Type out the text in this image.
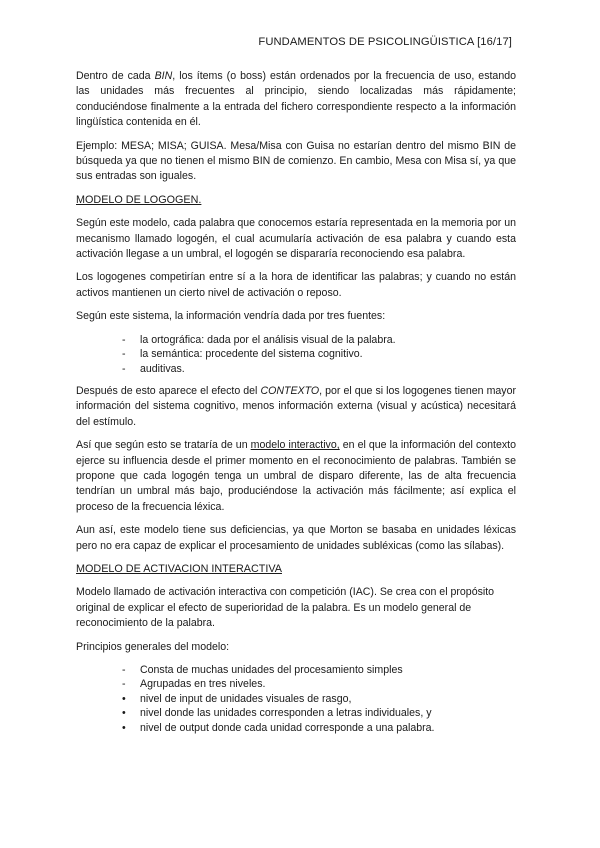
FUNDAMENTOS DE PSICOLINGÜISTICA [16/17]

Dentro de cada BIN, los ítems (o boss) están ordenados por la frecuencia de uso, estando las unidades más frecuentes al principio, siendo localizadas más rápidamente; conduciéndose finalmente a la entrada del fichero correspondiente respecto a la información lingüística contenida en él.

Ejemplo: MESA; MISA; GUISA. Mesa/Misa con Guisa no estarían dentro del mismo BIN de búsqueda ya que no tienen el mismo BIN de comienzo. En cambio, Mesa con Misa sí, ya que sus entradas son iguales.

MODELO DE LOGOGEN.

Según este modelo, cada palabra que conocemos estaría representada en la memoria por un mecanismo llamado logogén, el cual acumularía activación de esa palabra y cuando esta activación llegase a un umbral, el logogén se dispararía reconociendo esa palabra.

Los logogenes competirían entre sí a la hora de identificar las palabras; y cuando no están activos mantienen un cierto nivel de activación o reposo.

Según este sistema, la información vendría dada por tres fuentes:

- la ortográfica: dada por el análisis visual de la palabra.
- la semántica: procedente del sistema cognitivo.
- auditivas.

Después de esto aparece el efecto del CONTEXTO, por el que si los logogenes tienen mayor información del sistema cognitivo, menos información externa (visual y acústica) necesitará del estímulo.

Así que según esto se trataría de un modelo interactivo, en el que la información del contexto ejerce su influencia desde el primer momento en el reconocimiento de palabras. También se propone que cada logogén tenga un umbral de disparo diferente, las de alta frecuencia tendrían un umbral más bajo, produciéndose la activación más fácilmente; así explica el proceso de la frecuencia léxica.

Aun así, este modelo tiene sus deficiencias, ya que Morton se basaba en unidades léxicas pero no era capaz de explicar el procesamiento de unidades subléxicas (como las sílabas).

MODELO DE ACTIVACION INTERACTIVA

Modelo llamado de activación interactiva con competición (IAC). Se crea con el propósito original de explicar el efecto de superioridad de la palabra. Es un modelo general de reconocimiento de la palabra.

Principios generales del modelo:

- Consta de muchas unidades del procesamiento simples
- Agrupadas en tres niveles.
• nivel de input de unidades visuales de rasgo,
• nivel donde las unidades corresponden a letras individuales, y
• nivel de output donde cada unidad corresponde a una palabra.
